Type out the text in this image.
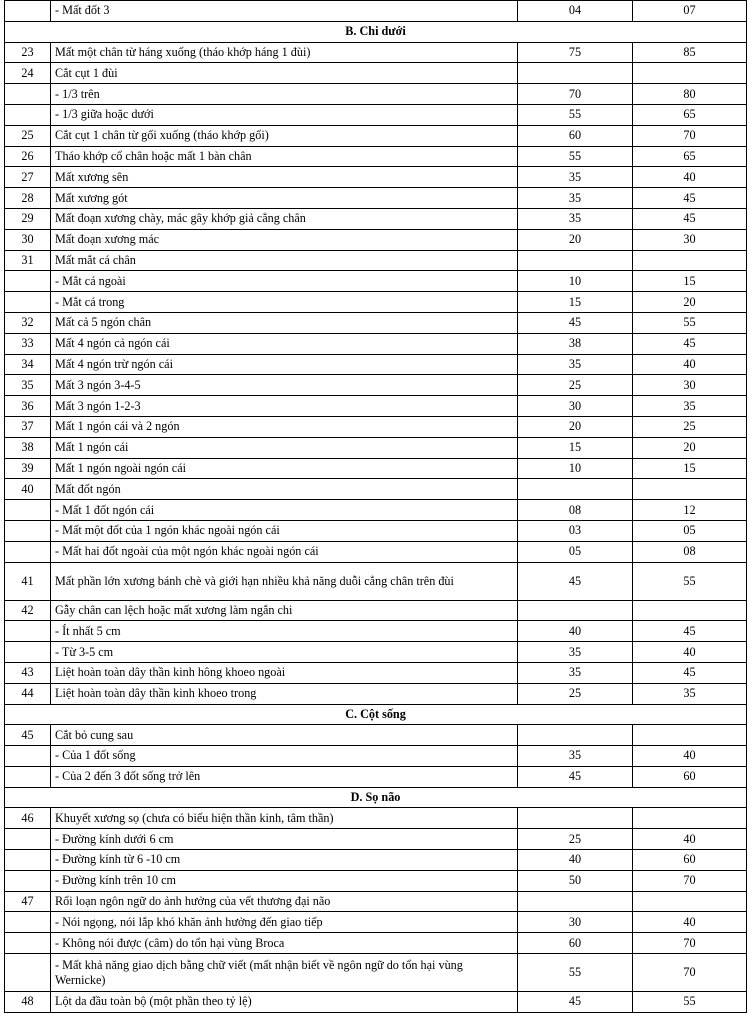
	- Mất đốt 3	04	07
B. Chi dưới			
23	Mất một chân từ háng xuống (tháo khớp háng 1 đùi)	75	85
24	Cắt cụt 1 đùi		
	- 1/3 trên	70	80
	- 1/3 giữa hoặc dưới	55	65
25	Cắt cụt 1 chân từ gối xuống (tháo khớp gối)	60	70
26	Tháo khớp cổ chân hoặc mất 1 bàn chân	55	65
27	Mất xương sên	35	40
28	Mất xương gót	35	45
29	Mất đoạn xương chày, mác gây khớp giả cẳng chân	35	45
30	Mất đoạn xương mác	20	30
31	Mất mắt cá chân		
	- Mắt cá ngoài	10	15
	- Mắt cá trong	15	20
32	Mất cả 5 ngón chân	45	55
33	Mất 4 ngón cả ngón cái	38	45
34	Mất 4 ngón trừ ngón cái	35	40
35	Mất 3 ngón 3-4-5	25	30
36	Mất 3 ngón 1-2-3	30	35
37	Mất 1 ngón cái và 2 ngón	20	25
38	Mất 1 ngón cái	15	20
39	Mất 1 ngón ngoài ngón cái	10	15
40	Mất đốt ngón		
	- Mất 1 đốt ngón cái	08	12
	- Mất một đốt của 1 ngón khác ngoài ngón cái	03	05
	- Mất hai đốt ngoài của một ngón khác ngoài ngón cái	05	08
41	Mất phần lớn xương bánh chè và giới hạn nhiều khả năng duỗi cẳng chân trên đùi	45	55
42	Gẫy chân can lệch hoặc mất xương làm ngắn chi		
	- Ít nhất 5 cm	40	45
	- Từ 3-5 cm	35	40
43	Liệt hoàn toàn dây thần kinh hông khoeo ngoài	35	45
44	Liệt hoàn toàn dây thần kinh khoeo trong	25	35
C. Cột sống			
45	Cắt bỏ cung sau		
	- Của 1 đốt sống	35	40
	- Của 2 đến 3 đốt sống trở lên	45	60
D. Sọ não			
46	Khuyết xương sọ (chưa có biểu hiện thần kinh, tâm thần)		
	- Đường kính dưới 6 cm	25	40
	- Đường kính từ 6 -10 cm	40	60
	- Đường kính trên 10 cm	50	70
47	Rối loạn ngôn ngữ do ảnh hưởng của vết thương đại não		
	- Nói ngọng, nói lắp khó khăn ảnh hưởng đến giao tiếp	30	40
	- Không nói được (câm) do tổn hại vùng Broca	60	70
	- Mất khả năng giao dịch bằng chữ viết (mất nhận biết về ngôn ngữ do tổn hại vùng Wernicke)	55	70
48	Lột da đầu toàn bộ (một phần theo tỷ lệ)	45	55
